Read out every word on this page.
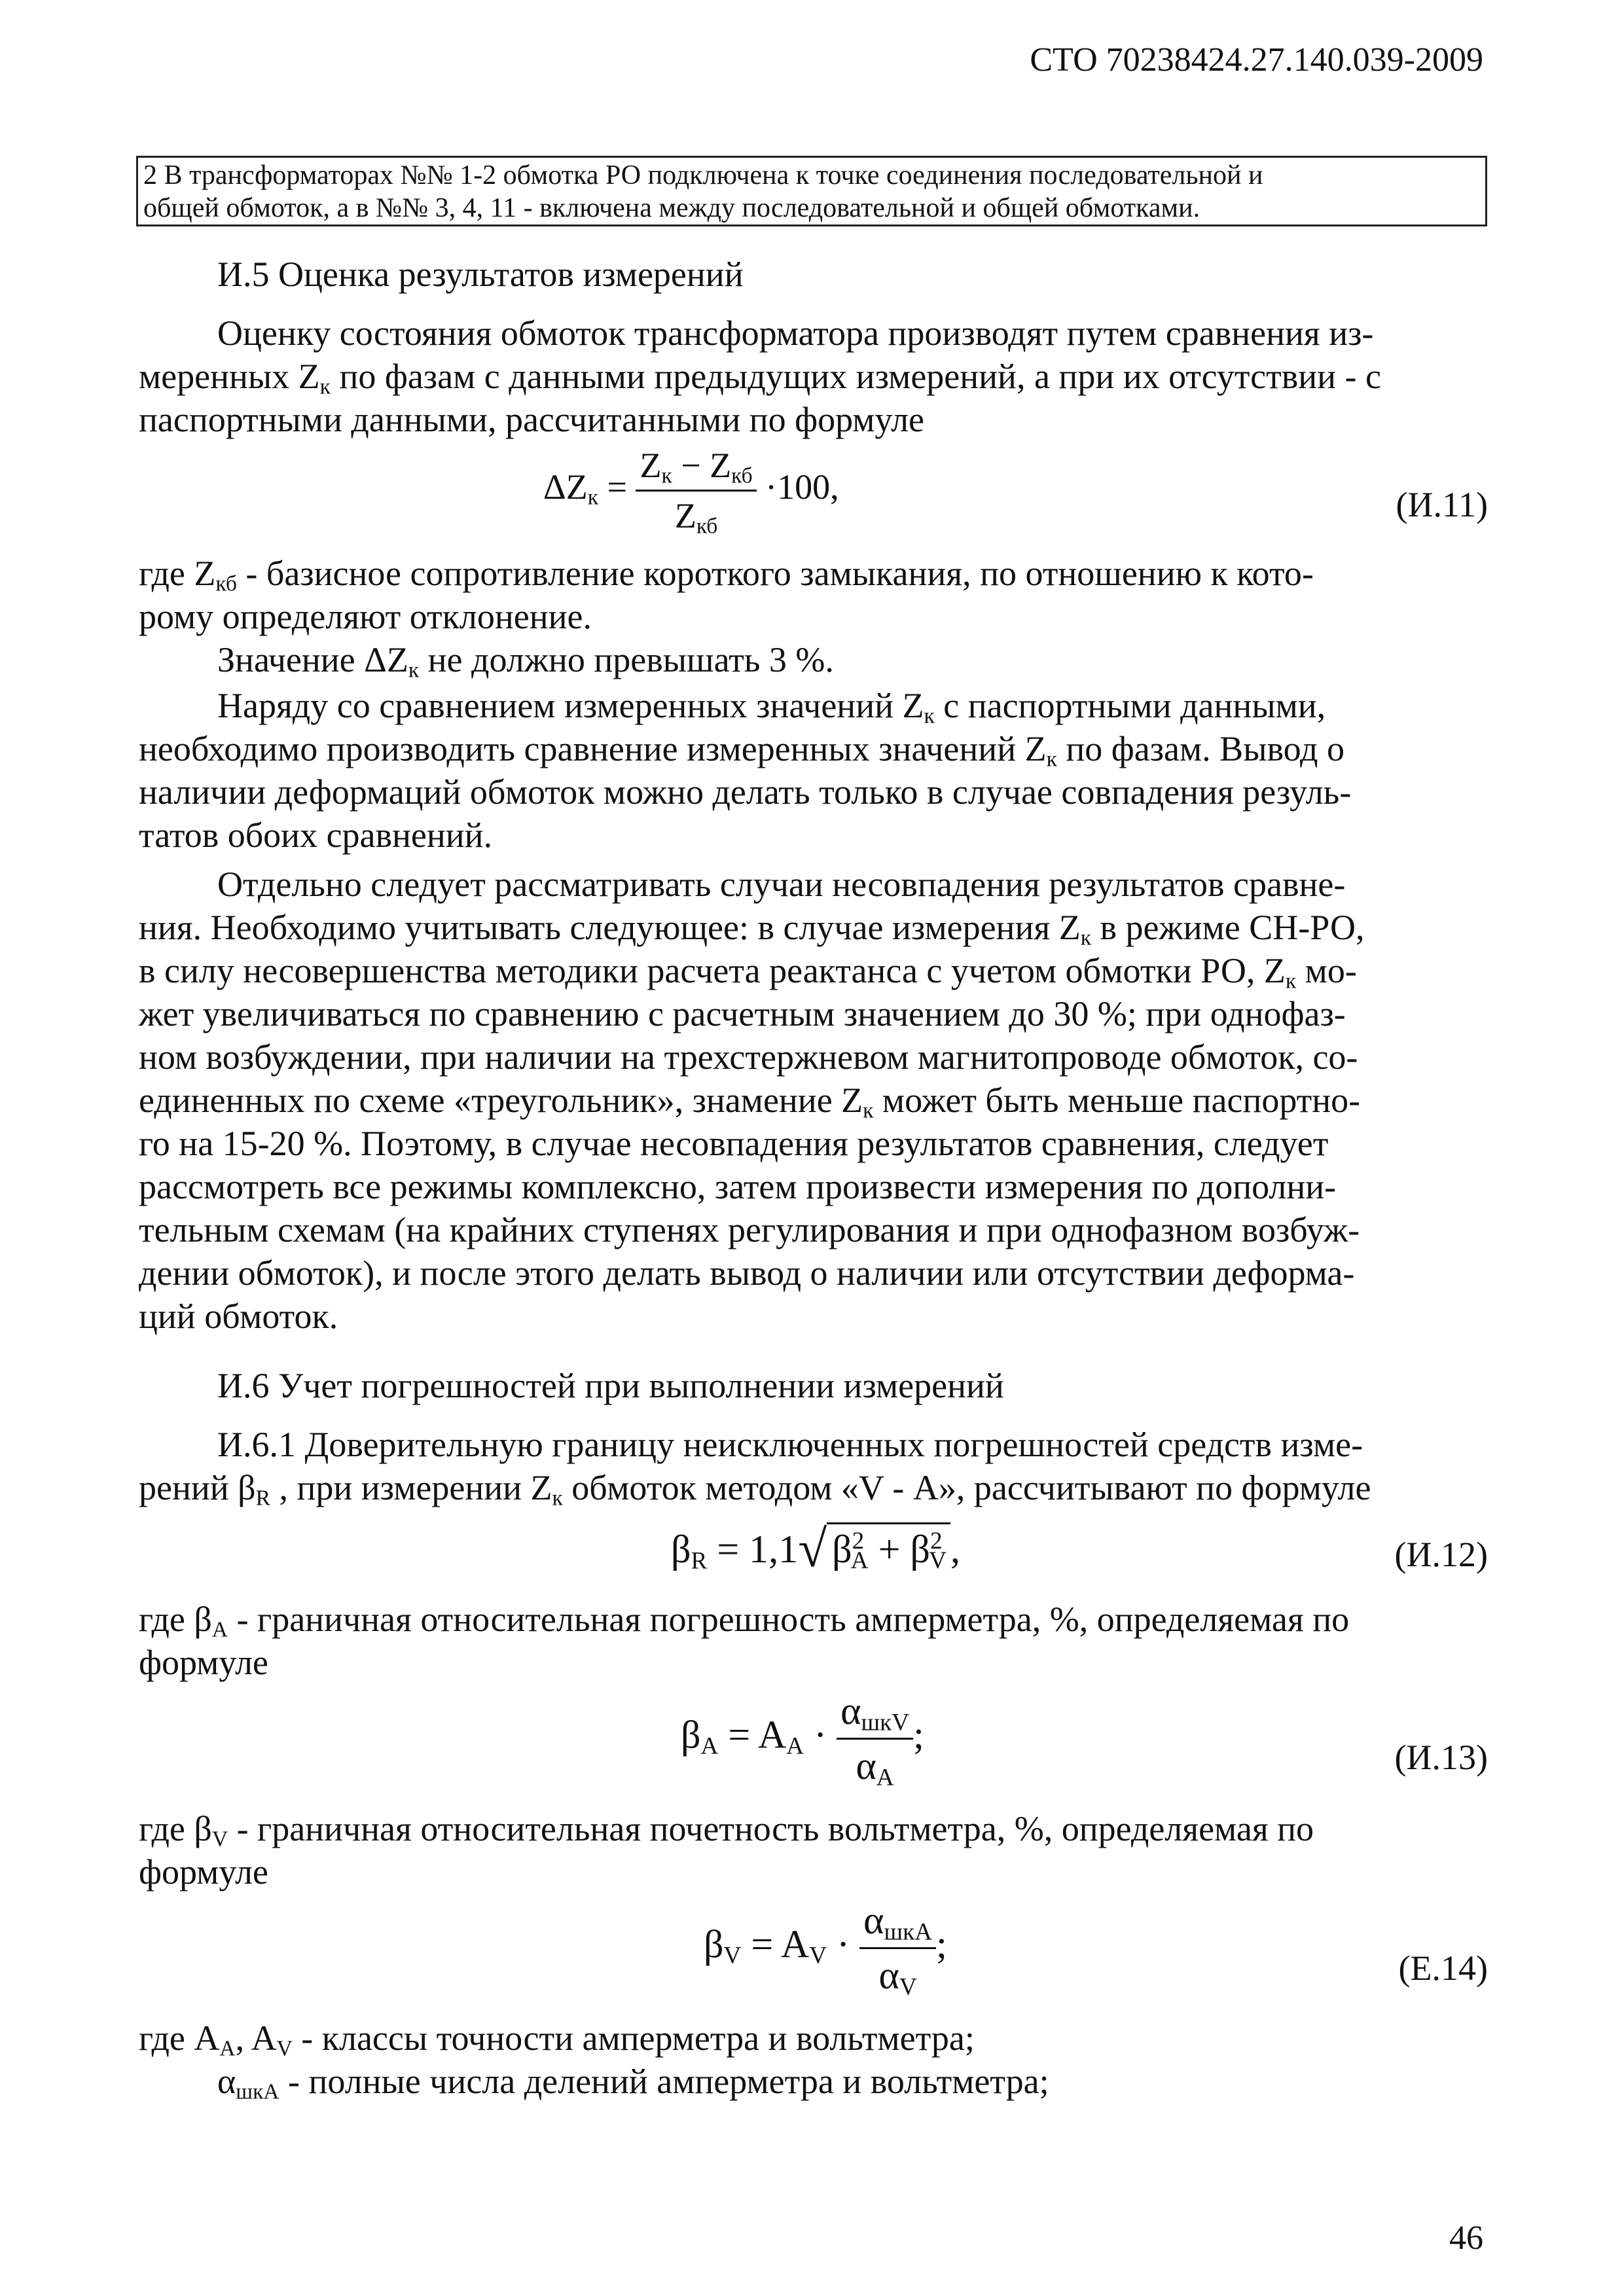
СТО 70238424.27.140.039-2009
2 В трансформаторах №№ 1-2 обмотка РО подключена к точке соединения последовательной и
общей обмоток, а в №№ 3, 4, 11 - включена между последовательной и общей обмотками.
И.5 Оценка результатов измерений
Оценку состояния обмоток трансформатора производят путем сравнения из-
меренных $Z_к$ по фазам с данными предыдущих измерений, а при их отсутствии - с
паспортными данными, рассчитанными по формуле
$\Delta Z_к = \frac{Z_к - Z_{кб}}{Z_{кб}} \cdot 100$,	(И.11)
где $Z_{кб}$ - базисное сопротивление короткого замыкания, по отношению к кото-
рому определяют отклонение.
Значение $\Delta Z_к$ не должно превышать 3 %.
Наряду со сравнением измеренных значений $Z_к$ с паспортными данными,
необходимо производить сравнение измеренных значений $Z_к$ по фазам. Вывод о
наличии деформаций обмоток можно делать только в случае совпадения резуль-
татов обоих сравнений.
Отдельно следует рассматривать случаи несовпадения результатов сравне-
ния. Необходимо учитывать следующее: в случае измерения $Z_к$ в режиме СН-РО,
в силу несовершенства методики расчета реактанса с учетом обмотки РО, $Z_к$ мо-
жет увеличиваться по сравнению с расчетным значением до 30 %; при однофаз-
ном возбуждении, при наличии на трехстержневом магнитопроводе обмоток, со-
единенных по схеме «треугольник», знамение $Z_к$ может быть меньше паспортно-
го на 15-20 %. Поэтому, в случае несовпадения результатов сравнения, следует
рассмотреть все режимы комплексно, затем произвести измерения по дополни-
тельным схемам (на крайних ступенях регулирования и при однофазном возбуж-
дении обмоток), и после этого делать вывод о наличии или отсутствии деформа-
ций обмоток.
И.6 Учет погрешностей при выполнении измерений
И.6.1 Доверительную границу неисключенных погрешностей средств изме-
рений $\beta_R$ , при измерении $Z_к$ обмоток методом «V - А», рассчитывают по формуле
$\beta_R = 1,1√$ $\beta^2_A + \beta^2_V$ ,	(И.12)
где $\beta_A$ - граничная относительная погрешность амперметра, %, определяемая по
формуле
$\beta_A = A_A \cdot \frac{\alpha_{шкV}}{\alpha_A}$ ;
(И.13)
где $\beta_V$ - граничная относительная почетность вольтметра, %, определяемая по
формуле
$\beta_V = A_V \cdot \frac{\alpha_{шкA}}{\alpha_V}$ ;
(Е.14)
где $A_A$, $A_V$ - классы точности амперметра и вольтметра;
$\alpha_{шкA}$ - полные числа делений амперметра и вольтметра;
46
